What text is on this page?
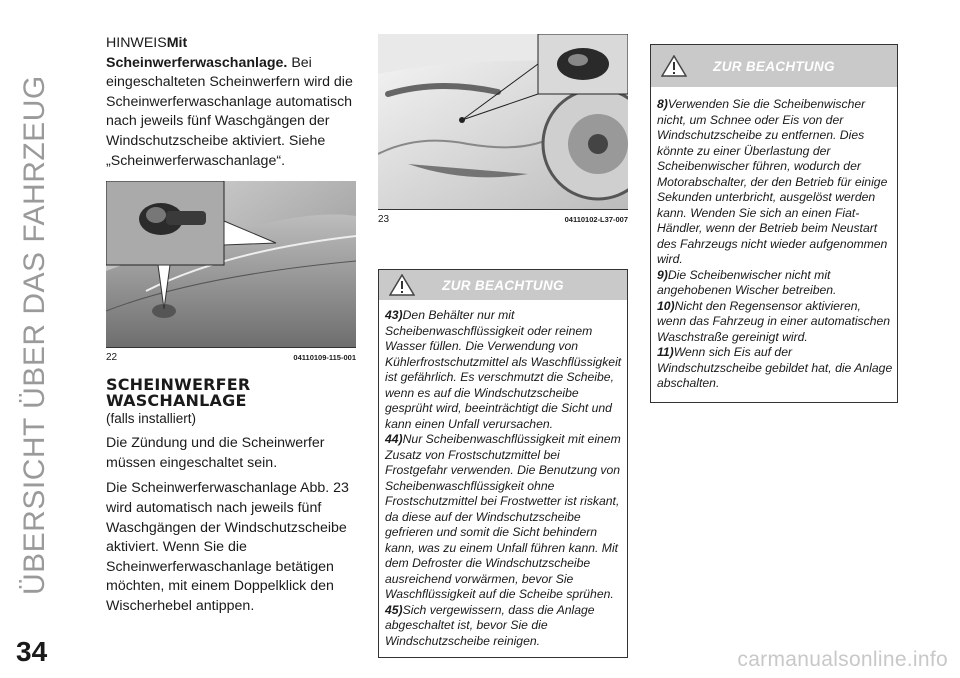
ÜBERSICHT ÜBER DAS FAHRZEUG

HINWEISMit Scheinwerferwaschanlage. Bei eingeschalteten Scheinwerfern wird die Scheinwerferwaschanlage automatisch nach jeweils fünf Waschgängen der Windschutzscheibe aktiviert. Siehe „Scheinwerferwaschanlage“.

22	04110109-115-001
SCHEINWERFER
WASCHANLAGE
(falls installiert)

Die Zündung und die Scheinwerfer müssen eingeschaltet sein.

Die Scheinwerferwaschanlage Abb. 23 wird automatisch nach jeweils fünf Waschgängen der Windschutzscheibe aktiviert. Wenn Sie die Scheinwerferwaschanlage betätigen möchten, mit einem Doppelklick den Wischerhebel antippen.

23	04110102-L37-007
ZUR BEACHTUNG

43)Den Behälter nur mit Scheibenwaschflüssigkeit oder reinem Wasser füllen. Die Verwendung von Kühlerfrostschutzmittel als Waschflüssigkeit ist gefährlich. Es verschmutzt die Scheibe, wenn es auf die Windschutzscheibe gesprüht wird, beeinträchtigt die Sicht und kann einen Unfall verursachen.

44)Nur Scheibenwaschflüssigkeit mit einem Zusatz von Frostschutzmittel bei Frostgefahr verwenden. Die Benutzung von Scheibenwaschflüssigkeit ohne Frostschutzmittel bei Frostwetter ist riskant, da diese auf der Windschutzscheibe gefrieren und somit die Sicht behindern kann, was zu einem Unfall führen kann. Mit dem Defroster die Windschutzscheibe ausreichend vorwärmen, bevor Sie Waschflüssigkeit auf die Scheibe sprühen.

45)Sich vergewissern, dass die Anlage abgeschaltet ist, bevor Sie die Windschutzscheibe reinigen.

ZUR BEACHTUNG

8)Verwenden Sie die Scheibenwischer nicht, um Schnee oder Eis von der Windschutzscheibe zu entfernen. Dies könnte zu einer Überlastung der Scheibenwischer führen, wodurch der Motorabschalter, der den Betrieb für einige Sekunden unterbricht, ausgelöst werden kann. Wenden Sie sich an einen Fiat-Händler, wenn der Betrieb beim Neustart des Fahrzeugs nicht wieder aufgenommen wird.

9)Die Scheibenwischer nicht mit angehobenen Wischer betreiben.

10)Nicht den Regensensor aktivieren, wenn das Fahrzeug in einer automatischen Waschstraße gereinigt wird.

11)Wenn sich Eis auf der Windschutzscheibe gebildet hat, die Anlage abschalten.

34	carmanualsonline.info
